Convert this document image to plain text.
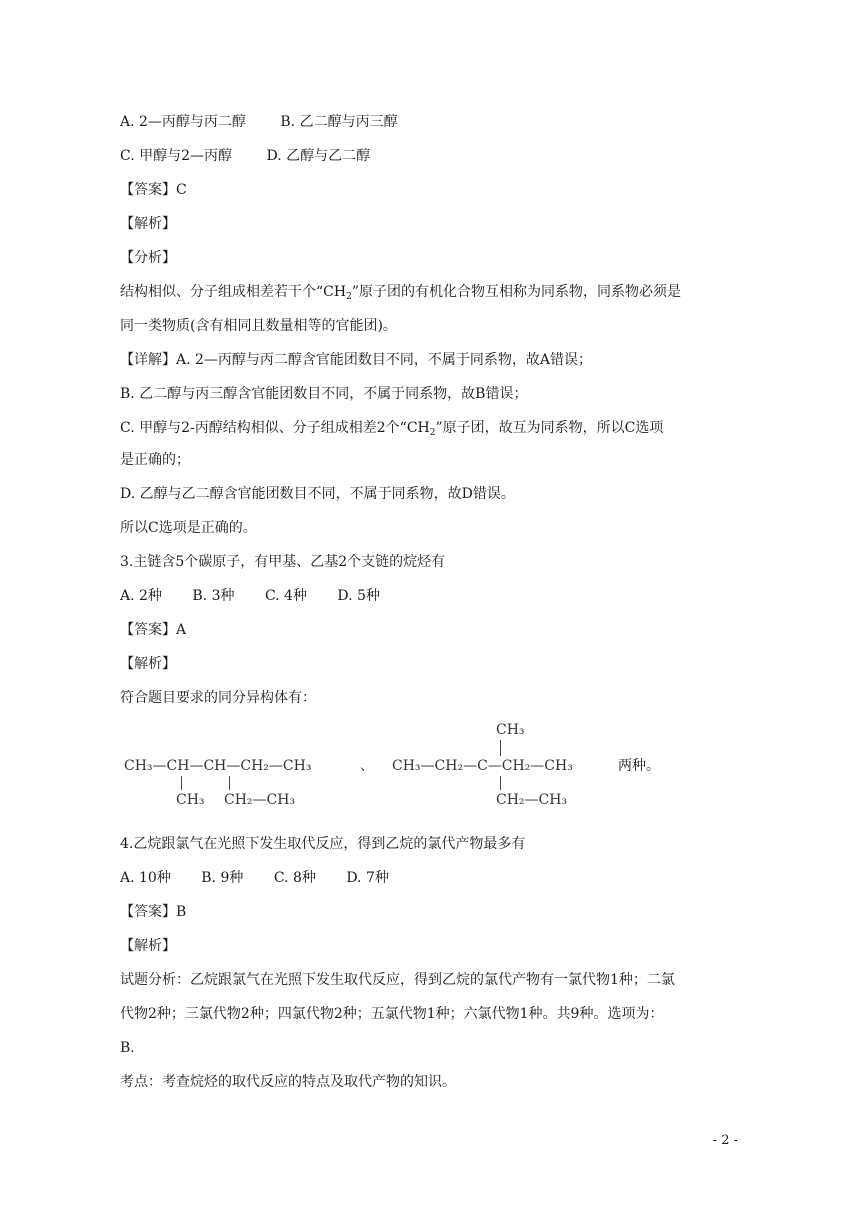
A. 2—丙醇与丙二醇 B. 乙二醇与丙三醇
C. 甲醇与2—丙醇 D. 乙醇与乙二醇
【答案】C
【解析】
【分析】
结构相似、分子组成相差若干个“$CH_2$”原子团的有机化合物互相称为同系物，同系物必须是
同一类物质(含有相同且数量相等的官能团)。
【详解】A. 2—丙醇与丙二醇含官能团数目不同，不属于同系物，故A错误；
B. 乙二醇与丙三醇含官能团数目不同，不属于同系物，故B错误；
C. 甲醇与2-丙醇结构相似、分子组成相差2个“$CH_2$”原子团，故互为同系物，所以C选项
是正确的；
D. 乙醇与乙二醇含官能团数目不同，不属于同系物，故D错误。
所以C选项是正确的。
3.主链含5个碳原子，有甲基、乙基2个支链的烷烃有
A. 2种 B. 3种 C. 4种 D. 5种
【答案】A
【解析】
符合题目要求的同分异构体有：
CH₃—CH—CH—CH₂—CH₃
CH₃ CH₂—CH₃
、
CH₃
CH₃—CH₂—C—CH₂—CH₃
CH₂—CH₃
两种。
4.乙烷跟氯气在光照下发生取代反应，得到乙烷的氯代产物最多有
A. 10种 B. 9种 C. 8种 D. 7种
【答案】B
【解析】
试题分析：乙烷跟氯气在光照下发生取代反应，得到乙烷的氯代产物有一氯代物1种；二氯
代物2种；三氯代物2种；四氯代物2种；五氯代物1种；六氯代物1种。共9种。选项为：
B.
考点：考查烷烃的取代反应的特点及取代产物的知识。
- 2 -
